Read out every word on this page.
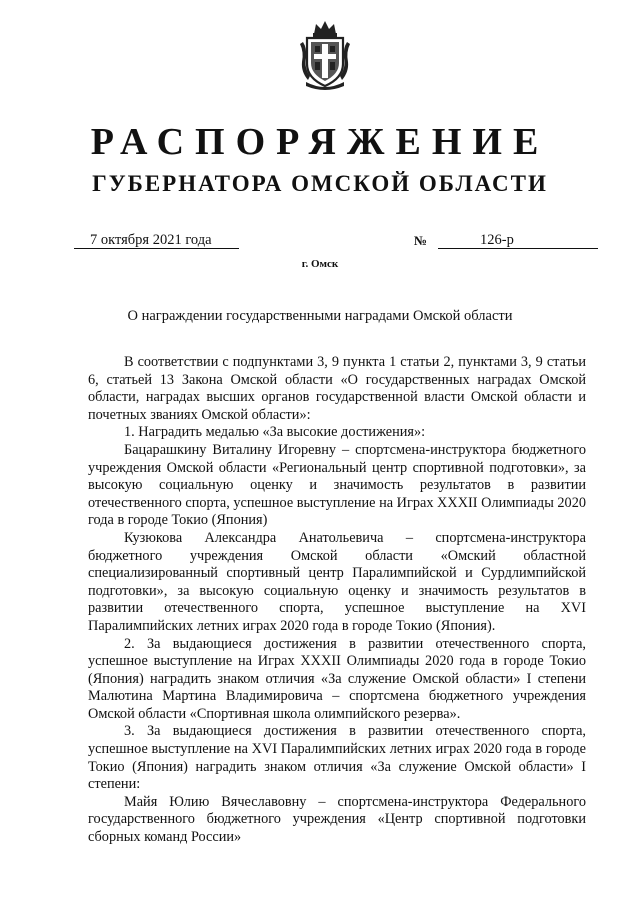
РАСПОРЯЖЕНИЕ
ГУБЕРНАТОРА ОМСКОЙ ОБЛАСТИ
7 октября 2021 года	№	126-р
г. Омск
О награждении государственными наградами Омской области

В соответствии с подпунктами 3, 9 пункта 1 статьи 2, пунктами 3, 9 статьи 6, статьей 13 Закона Омской области «О государственных наградах Омской области, наградах высших органов государственной власти Омской области и почетных званиях Омской области»:

1. Наградить медалью «За высокие достижения»:

Бацарашкину Виталину Игоревну – спортсмена-инструктора бюджетного учреждения Омской области «Региональный центр спортивной подготовки», за высокую социальную оценку и значимость результатов в развитии отечественного спорта, успешное выступление на Играх XXXII Олимпиады 2020 года в городе Токио (Япония)

Кузюкова Александра Анатольевича – спортсмена-инструктора бюджетного учреждения Омской области «Омский областной специализированный спортивный центр Паралимпийской и Сурдлимпийской подготовки», за высокую социальную оценку и значимость результатов в развитии отечественного спорта, успешное выступление на XVI Паралимпийских летних играх 2020 года в городе Токио (Япония).

2. За выдающиеся достижения в развитии отечественного спорта, успешное выступление на Играх XXXII Олимпиады 2020 года в городе Токио (Япония) наградить знаком отличия «За служение Омской области» I степени Малютина Мартина Владимировича – спортсмена бюджетного учреждения Омской области «Спортивная школа олимпийского резерва».

3. За выдающиеся достижения в развитии отечественного спорта, успешное выступление на XVI Паралимпийских летних играх 2020 года в городе Токио (Япония) наградить знаком отличия «За служение Омской области» I степени:

Майя Юлию Вячеславовну – спортсмена-инструктора Федерального государственного бюджетного учреждения «Центр спортивной подготовки сборных команд России»
